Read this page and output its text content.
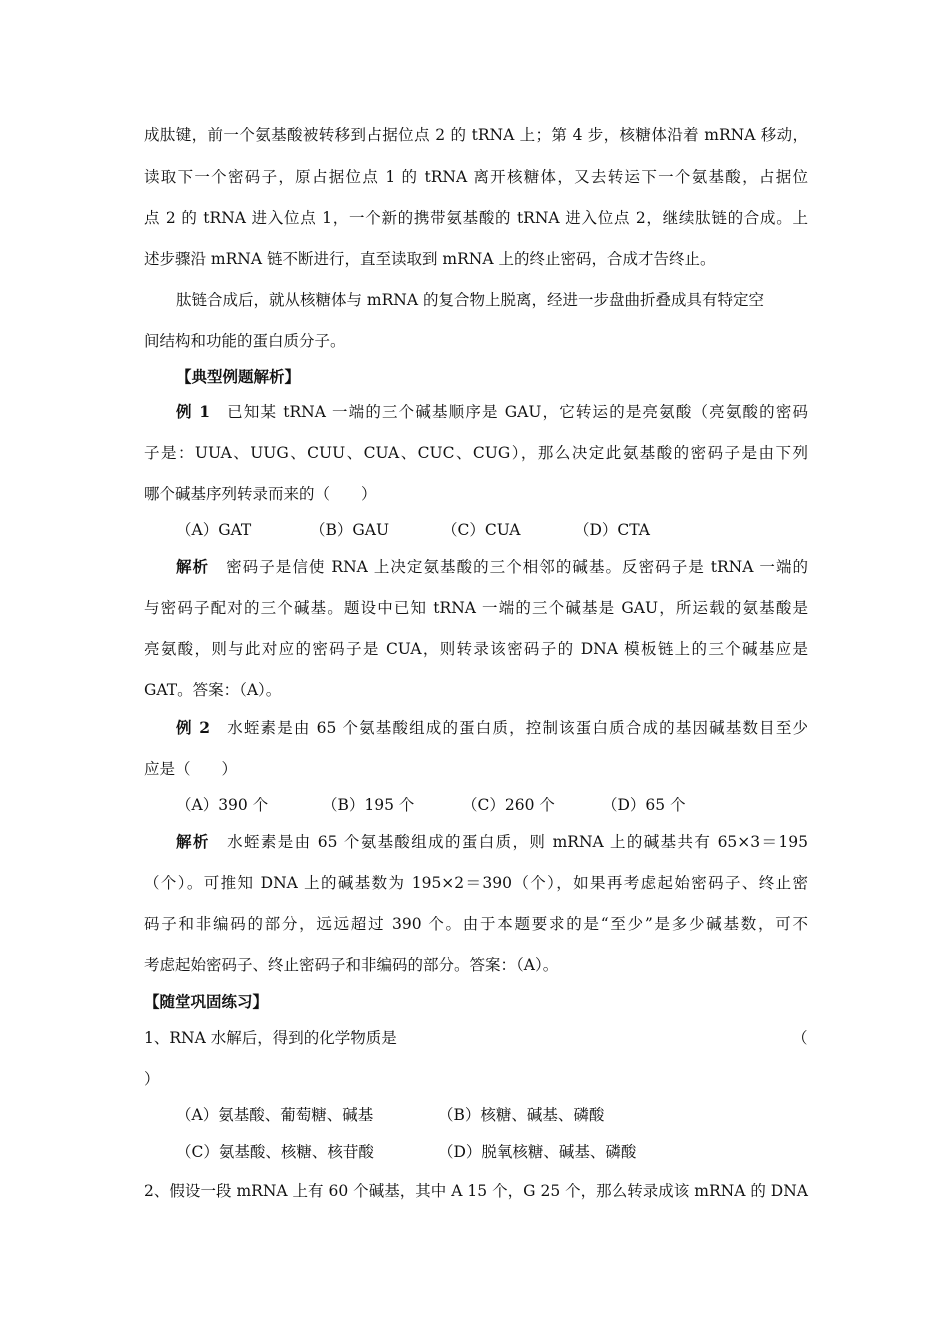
成肽键，前一个氨基酸被转移到占据位点 2 的 tRNA 上；第 4 步，核糖体沿着 mRNA 移动，
读取下一个密码子，原占据位点 1 的 tRNA 离开核糖体，又去转运下一个氨基酸，占据位
点 2 的 tRNA 进入位点 1，一个新的携带氨基酸的 tRNA 进入位点 2，继续肽链的合成。上
述步骤沿 mRNA 链不断进行，直至读取到 mRNA 上的终止密码，合成才告终止。
肽链合成后，就从核糖体与 mRNA 的复合物上脱离，经进一步盘曲折叠成具有特定空
间结构和功能的蛋白质分子。
【典型例题解析】
例 1 已知某 tRNA 一端的三个碱基顺序是 GAU，它转运的是亮氨酸（亮氨酸的密码
子是：UUA、UUG、CUU、CUA、CUC、CUG），那么决定此氨基酸的密码子是由下列
哪个碱基序列转录而来的（　　）
（A）GAT	（B）GAU	（C）CUA	（D）CTA
解析 密码子是信使 RNA 上决定氨基酸的三个相邻的碱基。反密码子是 tRNA 一端的
与密码子配对的三个碱基。题设中已知 tRNA 一端的三个碱基是 GAU，所运载的氨基酸是
亮氨酸，则与此对应的密码子是 CUA，则转录该密码子的 DNA 模板链上的三个碱基应是
GAT。答案：（A）。
例 2 水蛭素是由 65 个氨基酸组成的蛋白质，控制该蛋白质合成的基因碱基数目至少
应是（　　）
（A）390 个	（B）195 个	（C）260 个	（D）65 个
解析 水蛭素是由 65 个氨基酸组成的蛋白质，则 mRNA 上的碱基共有 65×3＝195
（个）。可推知 DNA 上的碱基数为 195×2＝390（个），如果再考虑起始密码子、终止密
码子和非编码的部分，远远超过 390 个。由于本题要求的是“至少”是多少碱基数，可不
考虑起始密码子、终止密码子和非编码的部分。答案：（A）。
【随堂巩固练习】
1、RNA 水解后，得到的化学物质是	（
）
（A）氨基酸、葡萄糖、碱基	（B）核糖、碱基、磷酸
（C）氨基酸、核糖、核苷酸	（D）脱氧核糖、碱基、磷酸
2、假设一段 mRNA 上有 60 个碱基，其中 A 15 个，G 25 个，那么转录成该 mRNA 的 DNA
